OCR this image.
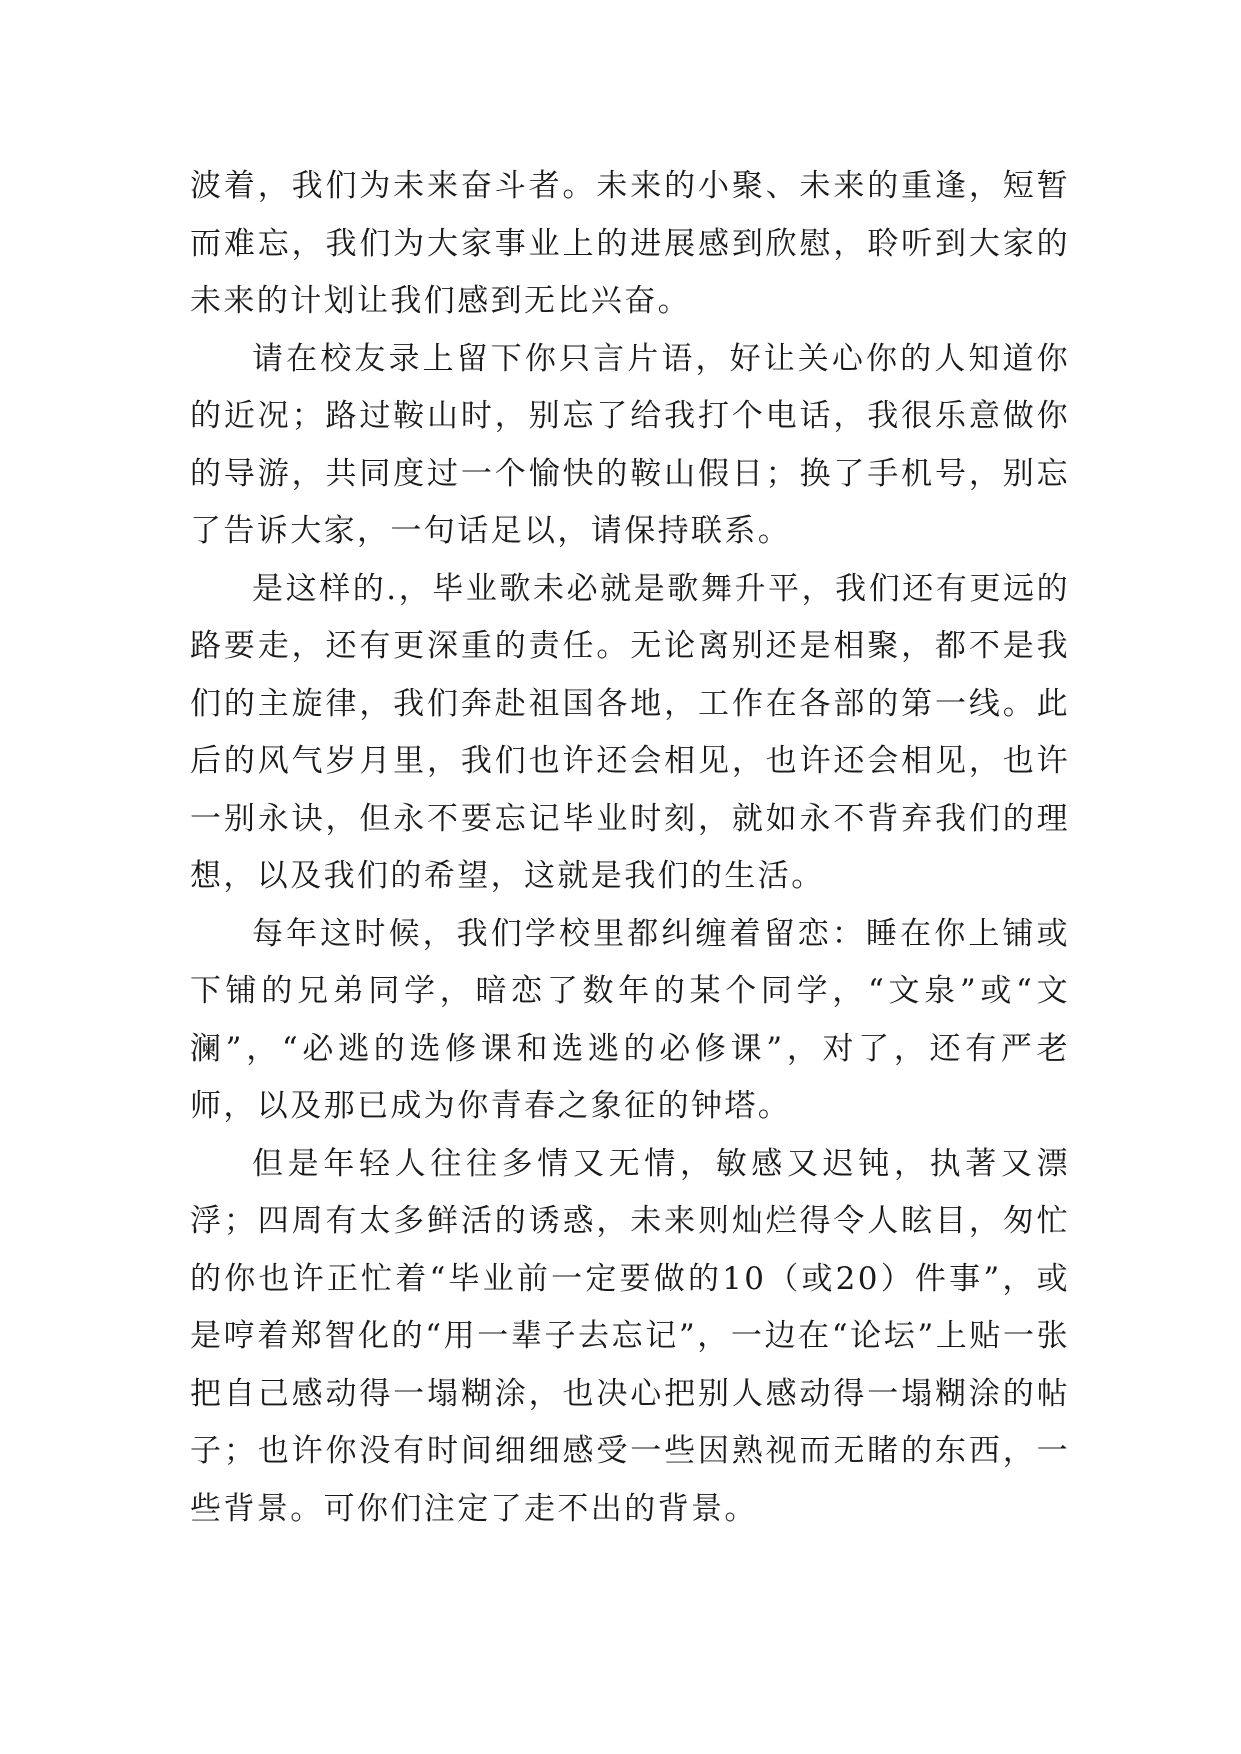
波着，我们为未来奋斗者。未来的小聚、未来的重逢，短暂而难忘，我们为大家事业上的进展感到欣慰，聆听到大家的未来的计划让我们感到无比兴奋。

请在校友录上留下你只言片语，好让关心你的人知道你的近况；路过鞍山时，别忘了给我打个电话，我很乐意做你的导游，共同度过一个愉快的鞍山假日；换了手机号，别忘了告诉大家，一句话足以，请保持联系。

是这样的.，毕业歌未必就是歌舞升平，我们还有更远的路要走，还有更深重的责任。无论离别还是相聚，都不是我们的主旋律，我们奔赴祖国各地，工作在各部的第一线。此后的风气岁月里，我们也许还会相见，也许还会相见，也许一别永诀，但永不要忘记毕业时刻，就如永不背弃我们的理想，以及我们的希望，这就是我们的生活。

每年这时候，我们学校里都纠缠着留恋：睡在你上铺或下铺的兄弟同学，暗恋了数年的某个同学，“文泉”或“文澜”，“必逃的选修课和选逃的必修课”，对了，还有严老师，以及那已成为你青春之象征的钟塔。

但是年轻人往往多情又无情，敏感又迟钝，执著又漂浮；四周有太多鲜活的诱惑，未来则灿烂得令人眩目，匆忙的你也许正忙着“毕业前一定要做的10（或20）件事”，或是哼着郑智化的“用一辈子去忘记”，一边在“论坛”上贴一张把自己感动得一塌糊涂，也决心把别人感动得一塌糊涂的帖子；也许你没有时间细细感受一些因熟视而无睹的东西，一些背景。可你们注定了走不出的背景。
